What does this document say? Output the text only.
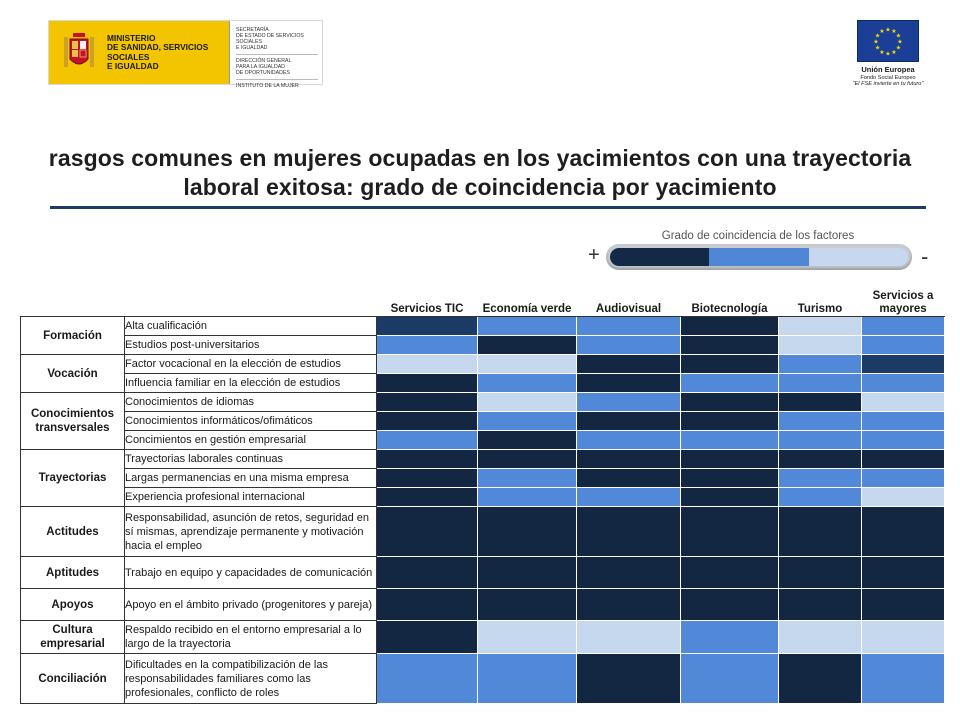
MINISTERIO
DE SANIDAD, SERVICIOS SOCIALES
E IGUALDAD

SECRETARÍA
DE ESTADO DE SERVICIOS SOCIALES
E IGUALDAD

DIRECCIÓN GENERAL
PARA LA IGUALDAD
DE OPORTUNIDADES

INSTITUTO DE LA MUJER

★ ★
★
★
★
★
★
★
★
★
★
★
Unión Europea
Fondo Social Europeo
"El FSE invierte en tu futuro"
rasgos comunes en mujeres ocupadas en los yacimientos con una trayectoria laboral exitosa: grado de coincidencia por yacimiento
Grado de coincidencia de los factores
+	-
		Servicios TIC	Economía verde	Audiovisual	Biotecnología	Turismo	Servicios a mayores
Formación	Alta cualificación						
	Estudios post-universitarios						
Vocación	Factor vocacional en la elección de estudios						
	Influencia familiar en la elección de estudios						
Conocimientos transversales	Conocimientos de idiomas						
	Conocimientos informáticos/ofimáticos						
	Concimientos en gestión empresarial						
Trayectorias	Trayectorias laborales continuas						
	Largas permanencias en una misma empresa						
	Experiencia profesional internacional						
Actitudes	Responsabilidad, asunción de retos, seguridad en sí mismas, aprendizaje permanente y motivación hacia el empleo						
Aptitudes	Trabajo en equipo y capacidades de comunicación						
Apoyos	Apoyo en el ámbito privado (progenitores y pareja)						
Cultura empresarial	Respaldo recibido en el entorno empresarial a lo largo de la trayectoria						
Conciliación	Dificultades en la compatibilización de las responsabilidades familiares como las profesionales, conflicto de roles						
